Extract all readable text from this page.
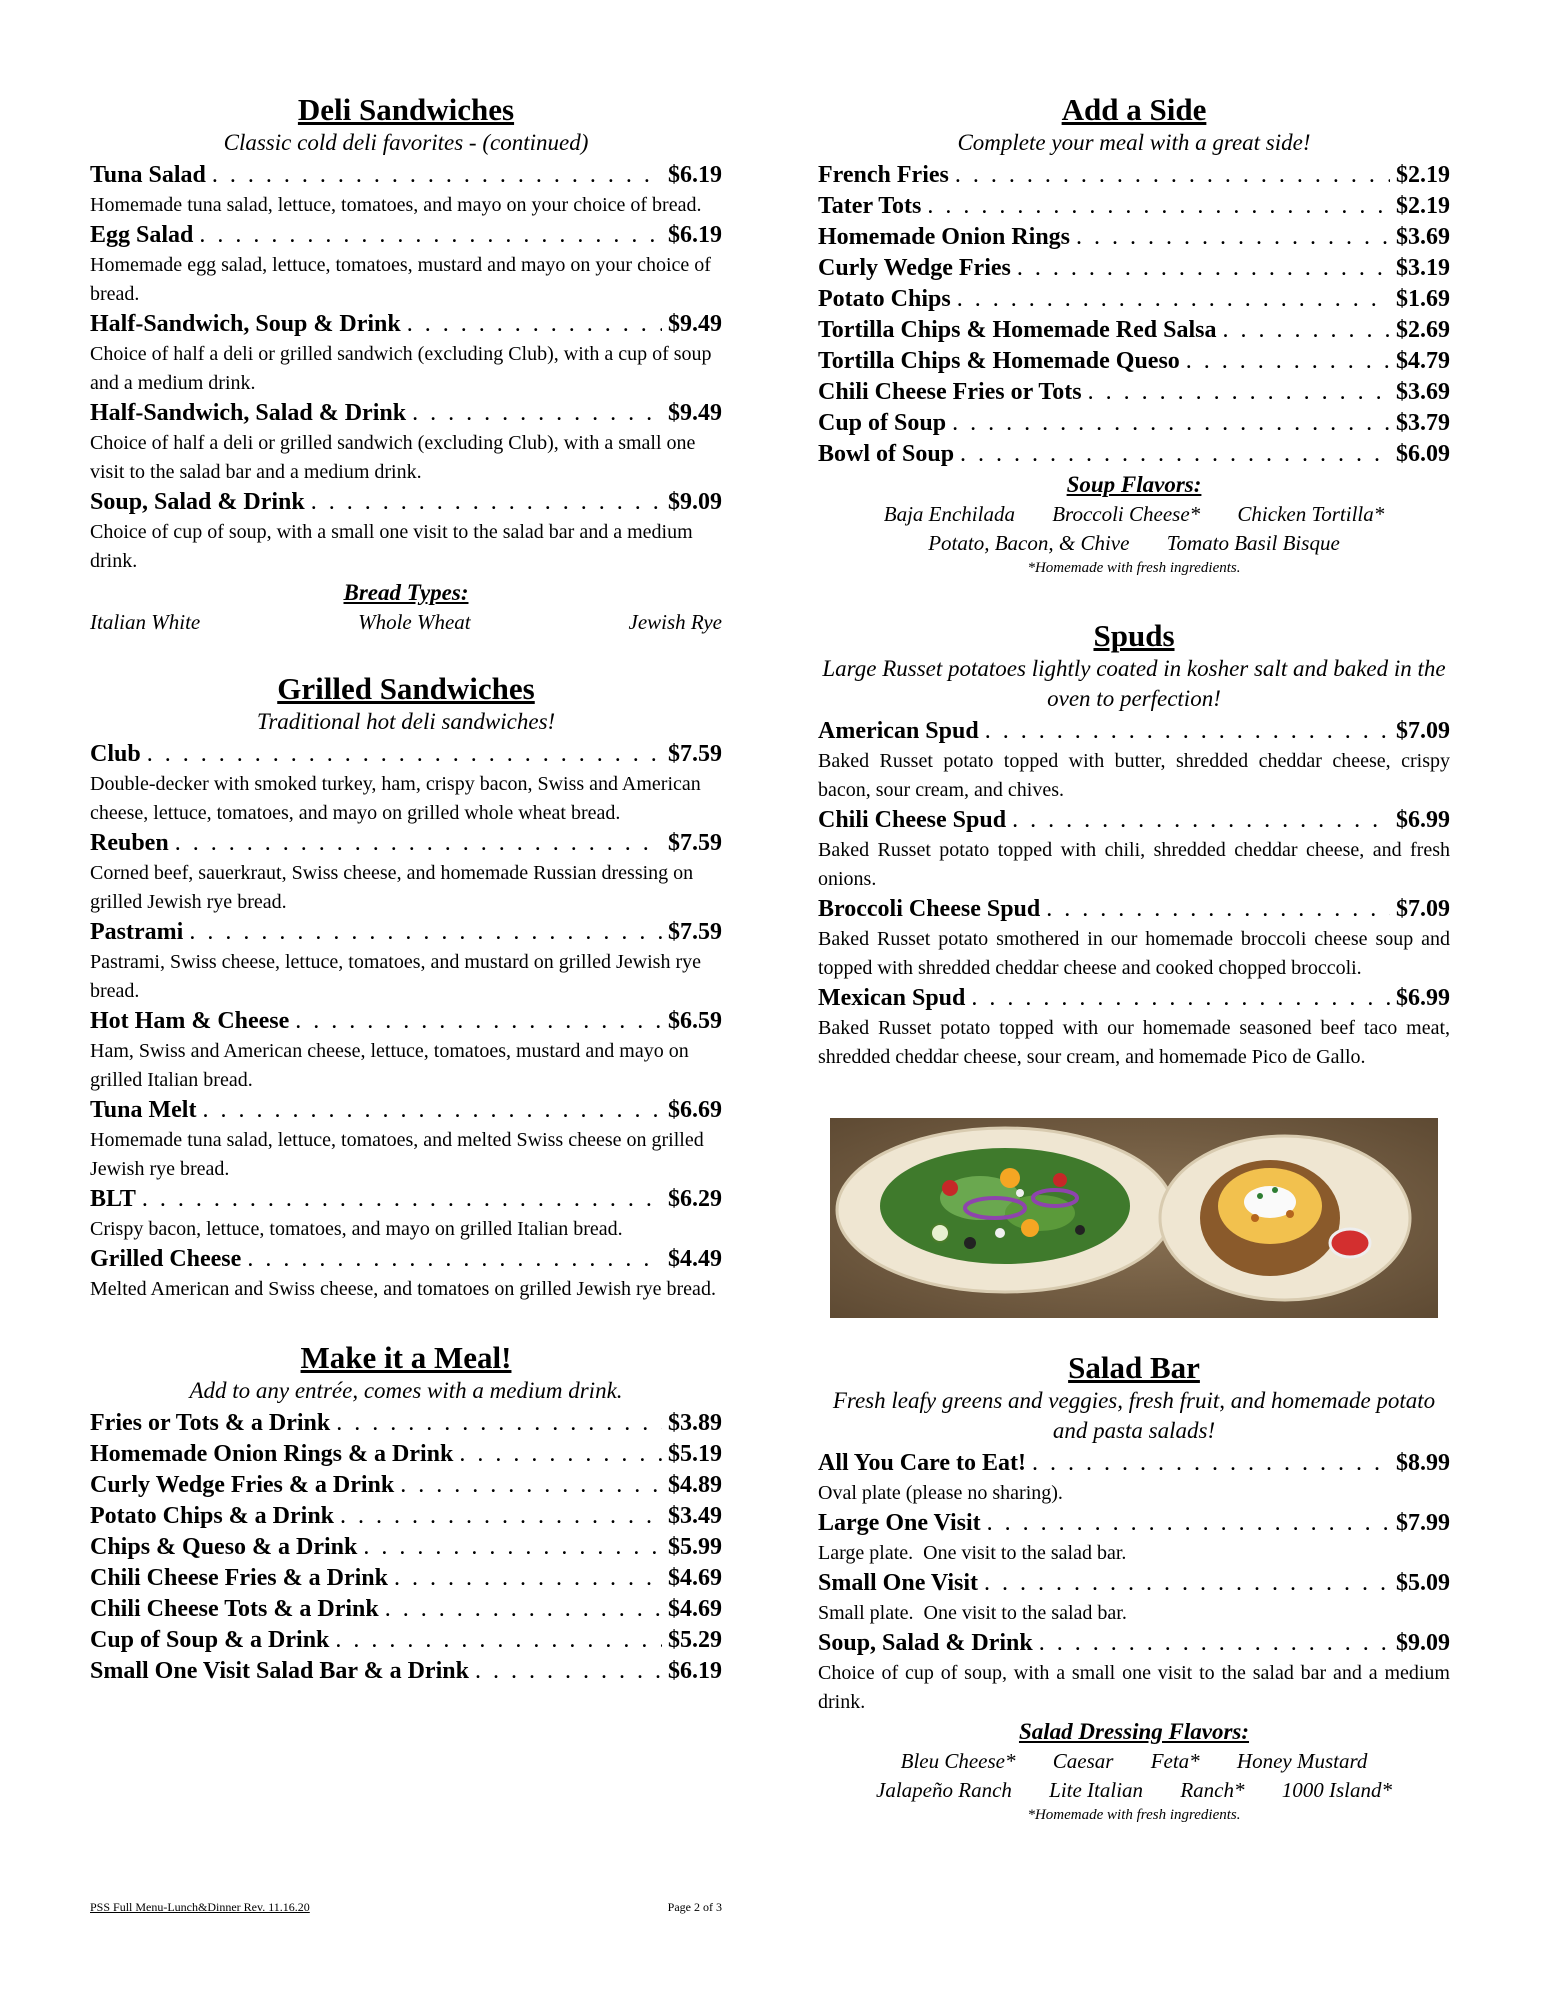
Deli Sandwiches

Classic cold deli favorites - (continued)

Tuna Salad . . .	$6.19

Homemade tuna salad, lettuce, tomatoes, and mayo on your choice of bread.

Egg Salad . . .	$6.19

Homemade egg salad, lettuce, tomatoes, mustard and mayo on your choice of bread.

Half-Sandwich, Soup & Drink . . .	$9.49

Choice of half a deli or grilled sandwich (excluding Club), with a cup of soup and a medium drink.

Half-Sandwich, Salad & Drink . . .	$9.49

Choice of half a deli or grilled sandwich (excluding Club), with a small one visit to the salad bar and a medium drink.

Soup, Salad & Drink . . .	$9.09

Choice of cup of soup, with a small one visit to the salad bar and a medium drink.

Bread Types:

Italian White	Whole Wheat	Jewish Rye
Grilled Sandwiches

Traditional hot deli sandwiches!

Club . . .	$7.59

Double-decker with smoked turkey, ham, crispy bacon, Swiss and American cheese, lettuce, tomatoes, and mayo on grilled whole wheat bread.

Reuben . . .	$7.59

Corned beef, sauerkraut, Swiss cheese, and homemade Russian dressing on grilled Jewish rye bread.

Pastrami . . .	$7.59

Pastrami, Swiss cheese, lettuce, tomatoes, and mustard on grilled Jewish rye bread.

Hot Ham & Cheese . . .	$6.59

Ham, Swiss and American cheese, lettuce, tomatoes, mustard and mayo on grilled Italian bread.

Tuna Melt . . .	$6.69

Homemade tuna salad, lettuce, tomatoes, and melted Swiss cheese on grilled Jewish rye bread.

BLT . . .	$6.29

Crispy bacon, lettuce, tomatoes, and mayo on grilled Italian bread.

Grilled Cheese . . .	$4.49

Melted American and Swiss cheese, and tomatoes on grilled Jewish rye bread.

Make it a Meal!

Add to any entrée, comes with a medium drink.

Fries or Tots & a Drink . . .	$3.89
Homemade Onion Rings & a Drink . . .	$5.19
Curly Wedge Fries & a Drink . . .	$4.89
Potato Chips & a Drink . . .	$3.49
Chips & Queso & a Drink . . .	$5.99
Chili Cheese Fries & a Drink . . .	$4.69
Chili Cheese Tots & a Drink . . .	$4.69
Cup of Soup & a Drink . . .	$5.29
Small One Visit Salad Bar & a Drink . . .	$6.19
Add a Side

Complete your meal with a great side!

French Fries . . .	$2.19
Tater Tots . . .	$2.19
Homemade Onion Rings . . .	$3.69
Curly Wedge Fries . . .	$3.19
Potato Chips . . .	$1.69
Tortilla Chips & Homemade Red Salsa . . .	$2.69
Tortilla Chips & Homemade Queso . . .	$4.79
Chili Cheese Fries or Tots . . .	$3.69
Cup of Soup . . .	$3.79
Bowl of Soup . . .	$6.09

Soup Flavors:

Baja Enchilada Broccoli Cheese* Chicken Tortilla*
Potato, Bacon, & Chive Tomato Basil Bisque

*Homemade with fresh ingredients.

Spuds

Large Russet potatoes lightly coated in kosher salt and baked in the oven to perfection!

American Spud . . .	$7.09

Baked Russet potato topped with butter, shredded cheddar cheese, crispy bacon, sour cream, and chives.

Chili Cheese Spud . . .	$6.99

Baked Russet potato topped with chili, shredded cheddar cheese, and fresh onions.

Broccoli Cheese Spud . . .	$7.09

Baked Russet potato smothered in our homemade broccoli cheese soup and topped with shredded cheddar cheese and cooked chopped broccoli.

Mexican Spud . . .	$6.99

Baked Russet potato topped with our homemade seasoned beef taco meat, shredded cheddar cheese, sour cream, and homemade Pico de Gallo.

Salad Bar

Fresh leafy greens and veggies, fresh fruit, and homemade potato and pasta salads!

All You Care to Eat! . . .	$8.99

Oval plate (please no sharing).

Large One Visit . . .	$7.99

Large plate.  One visit to the salad bar.

Small One Visit . . .	$5.09

Small plate.  One visit to the salad bar.

Soup, Salad & Drink . . .	$9.09

Choice of cup of soup, with a small one visit to the salad bar and a medium drink.

Salad Dressing Flavors:

Bleu Cheese* Caesar Feta* Honey Mustard
Jalapeño Ranch Lite Italian Ranch* 1000 Island*

*Homemade with fresh ingredients.

PSS Full Menu-Lunch&Dinner Rev. 11.16.20	Page 2 of 3
